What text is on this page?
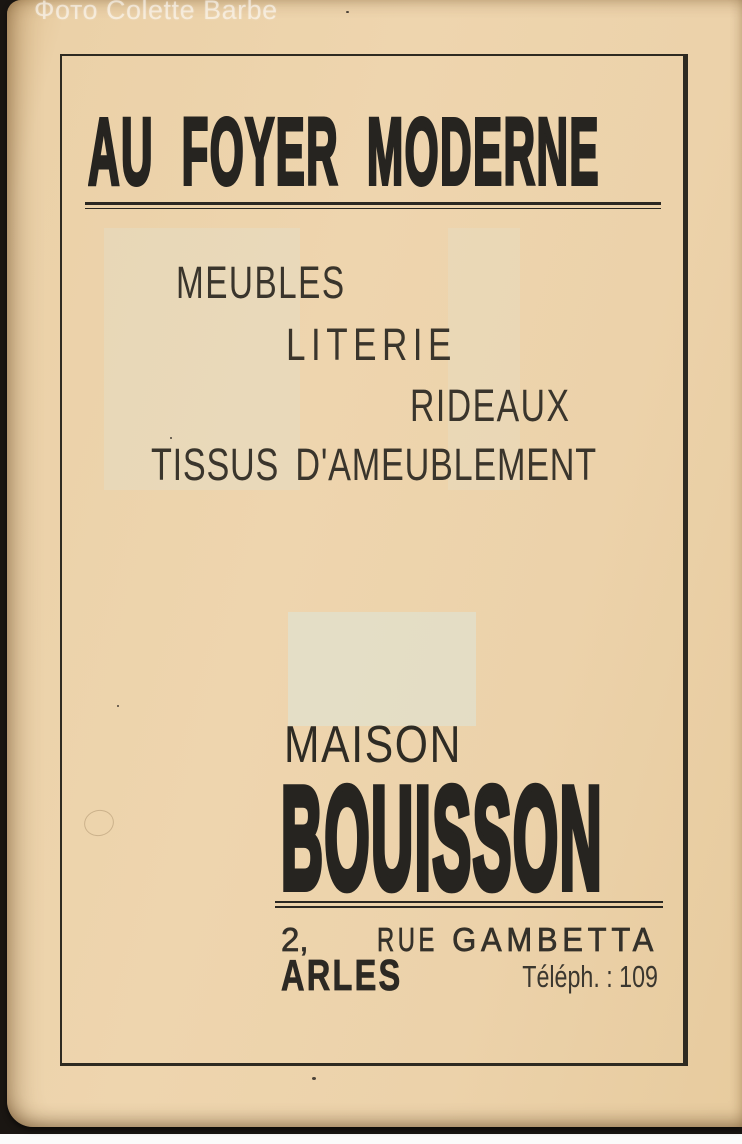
AU FOYER MODERNE
MEUBLES
LITERIE
RIDEAUX
TISSUS D'AMEUBLEMENT
MAISON
BOUISSON
2, RUE GAMBETTA
ARLES	Téléph. : 109
Фото Colette Barbe
